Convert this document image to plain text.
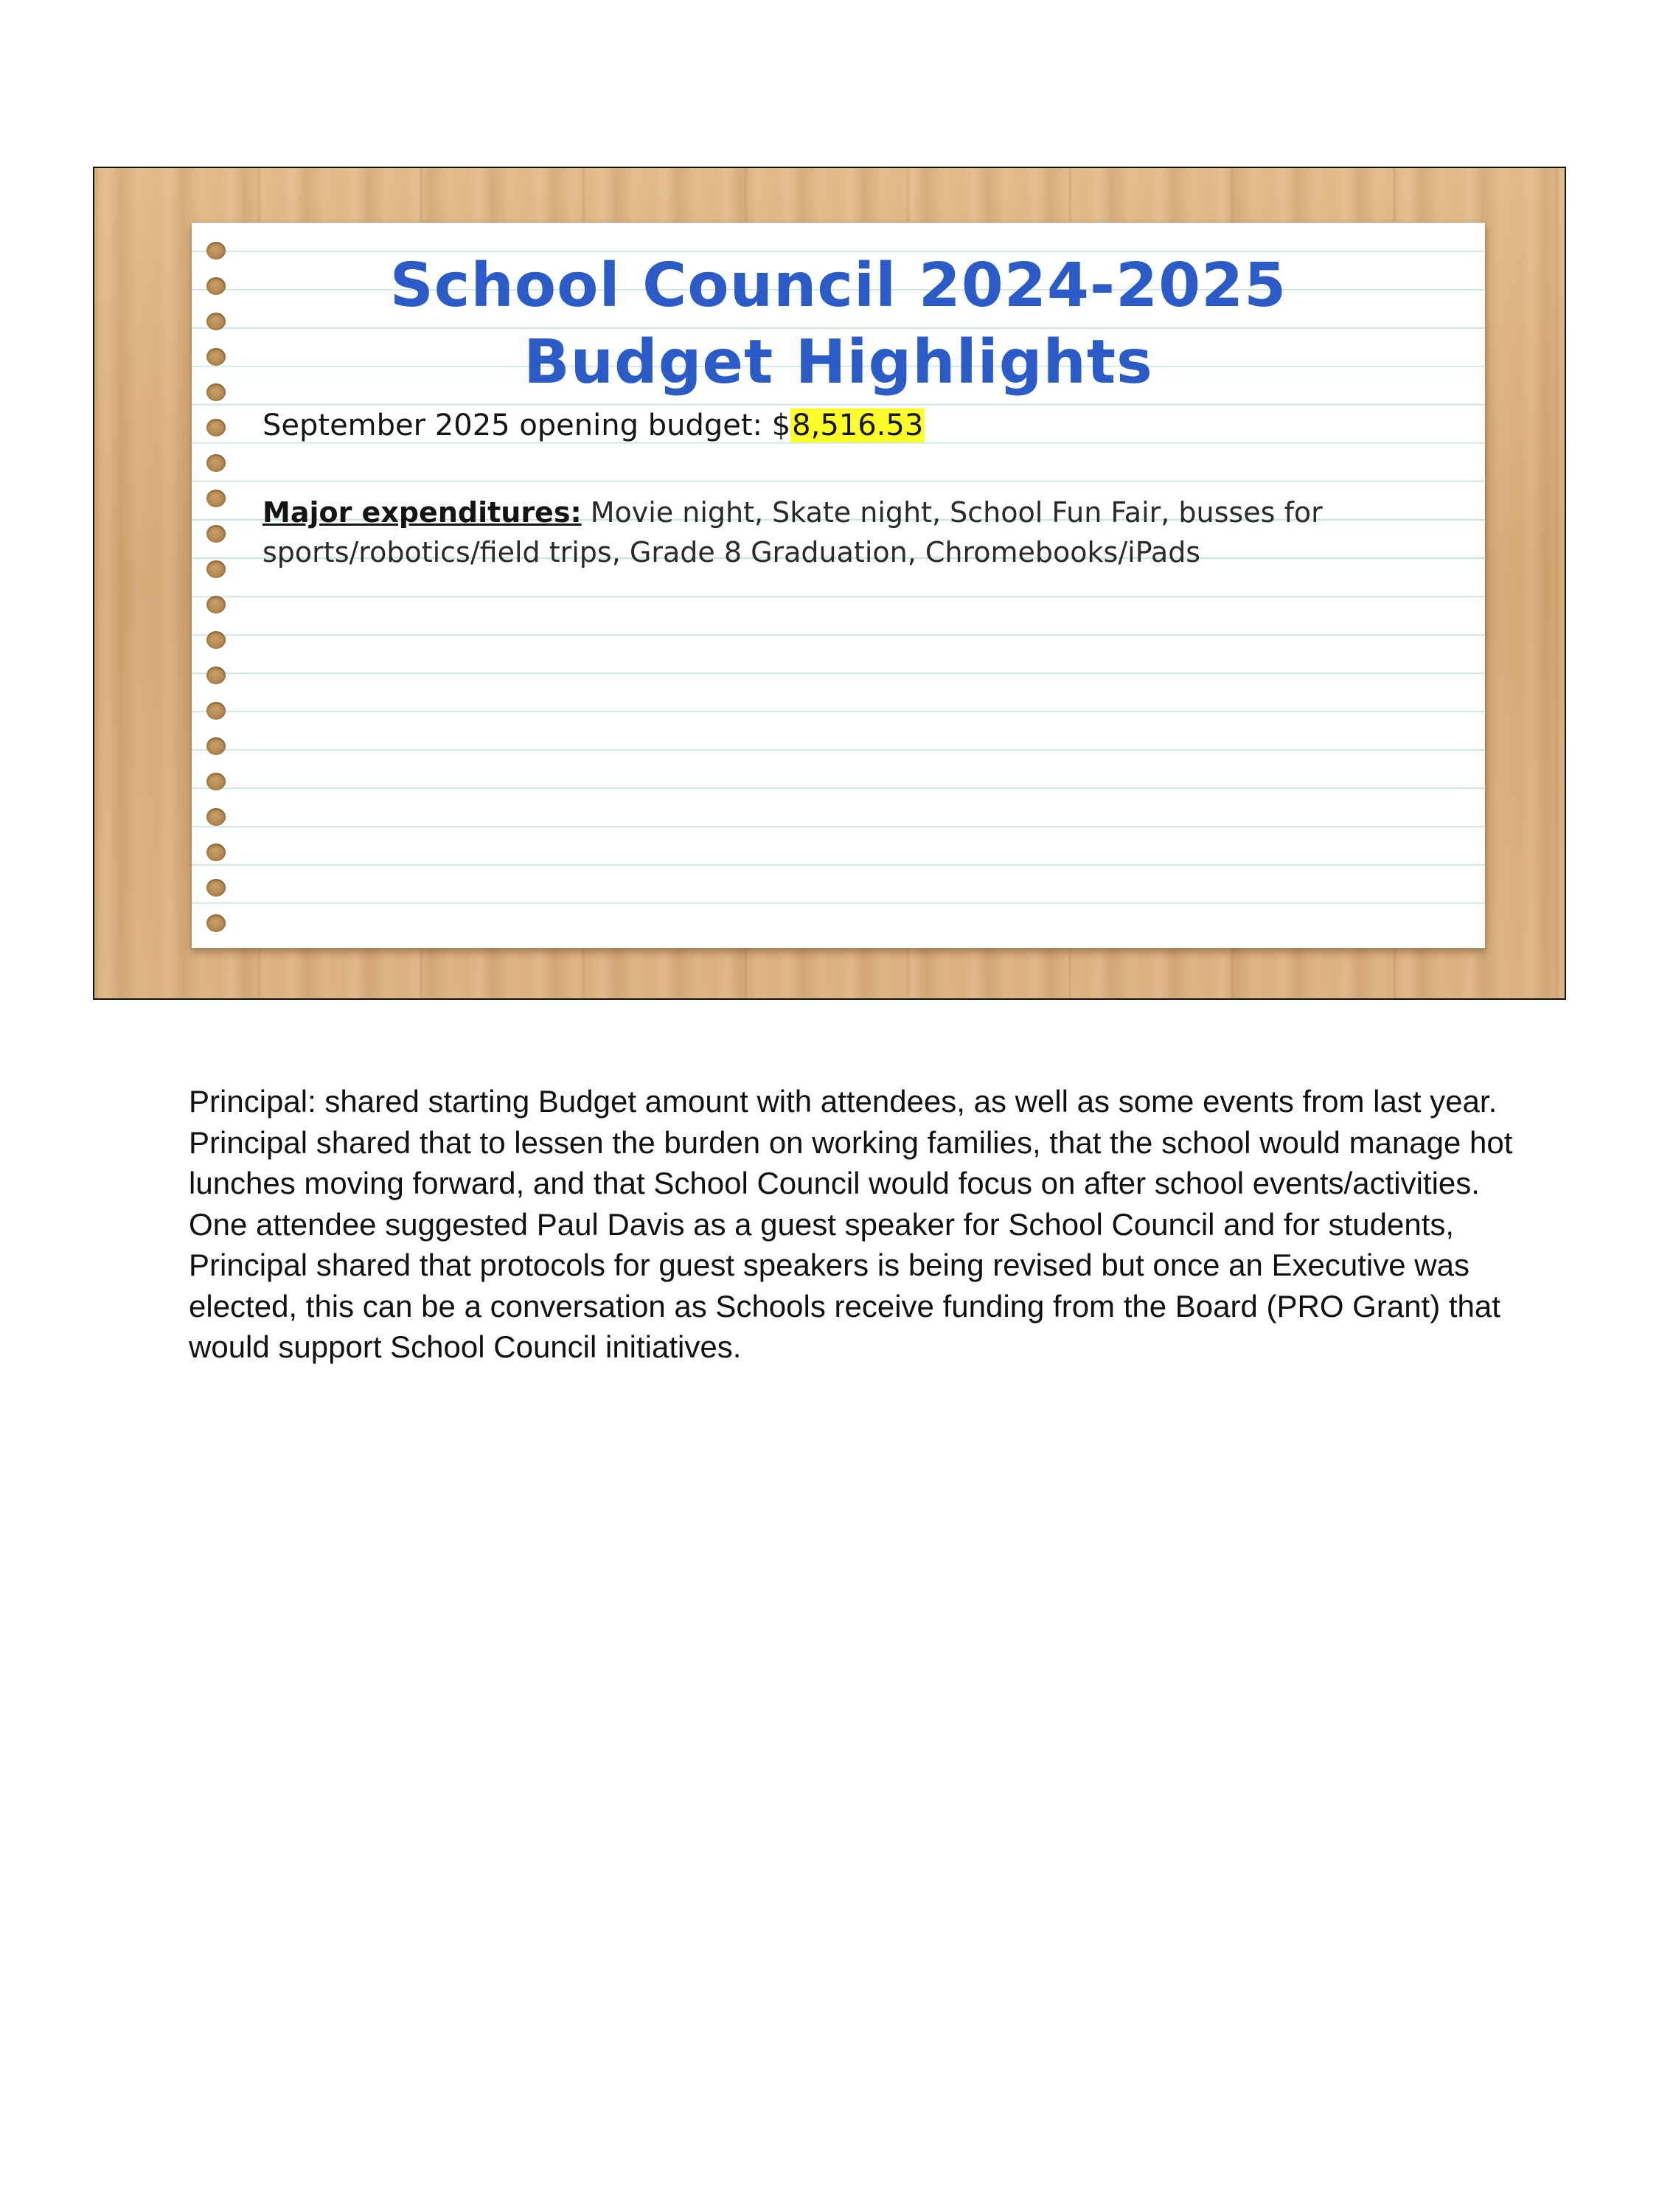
School Council 2024-2025
Budget Highlights
September 2025 opening budget: $8,516.53
Major expenditures: Movie night, Skate night, School Fun Fair, busses for sports/robotics/field trips, Grade 8 Graduation, Chromebooks/iPads
Principal: shared starting Budget amount with attendees, as well as some events from last year. Principal shared that to lessen the burden on working families, that the school would manage hot lunches moving forward, and that School Council would focus on after school events/activities. One attendee suggested Paul Davis as a guest speaker for School Council and for students, Principal shared that protocols for guest speakers is being revised but once an Executive was elected, this can be a conversation as Schools receive funding from the Board (PRO Grant) that would support School Council initiatives.
